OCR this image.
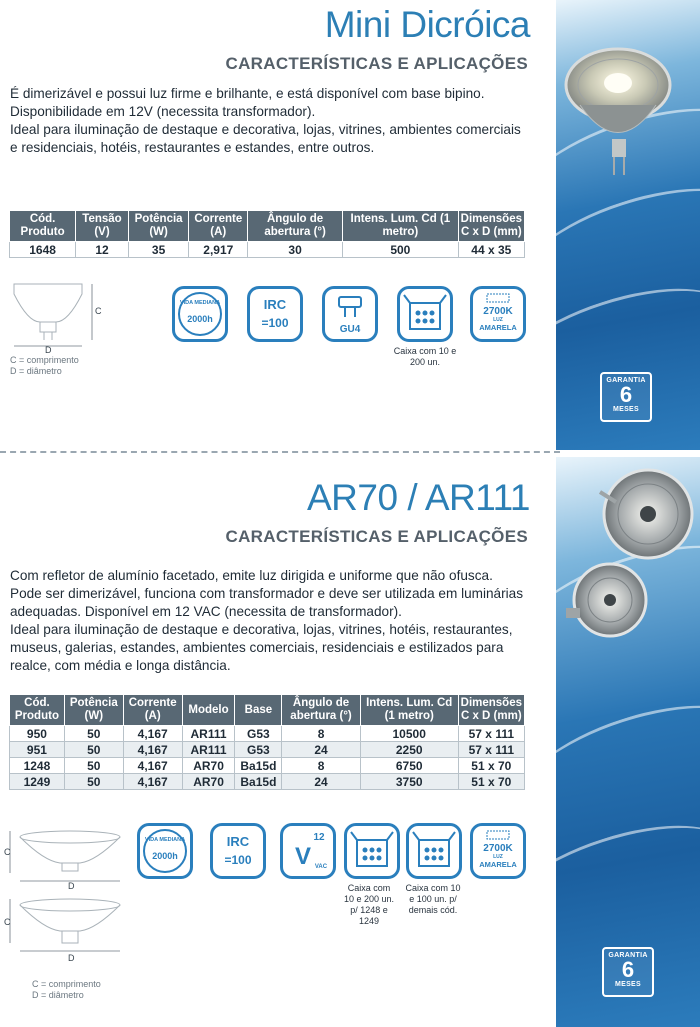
Mini Dicróica
CARACTERÍSTICAS E APLICAÇÕES

É dimerizável e possui luz firme e brilhante, e está disponível com base bipino.

Disponibilidade em 12V (necessita transformador).

Ideal para iluminação de destaque e decorativa, lojas, vitrines, ambientes comerciais e residenciais, hotéis, restaurantes e estandes, entre outros.

Cód. Produto	Tensão (V)	Potência (W)	Corrente (A)	Ângulo de abertura (°)	Intens. Lum. Cd (1 metro)	Dimensões C x D (mm)
1648	12	35	2,917	30	500	44 x 35
C
D
C = comprimento
D = diâmetro
VIDA MEDIANA
2000h
IRC
=100	GU4
2700K
LUZ
AMARELA
Caixa com 10 e 200 un.
GARANTIA
6
MESES
AR70 / AR111
CARACTERÍSTICAS E APLICAÇÕES

Com refletor de alumínio facetado, emite luz dirigida e uniforme que não ofusca.

Pode ser dimerizável, funciona com transformador e deve ser utilizada em luminárias adequadas. Disponível em 12 VAC (necessita de transformador).

Ideal para iluminação de destaque e decorativa, lojas, vitrines, hotéis, restaurantes, museus, galerias, estandes, ambientes comerciais, residenciais e estilizados para realce, com média e longa distância.

Cód. Produto	Potência (W)	Corrente (A)	Modelo	Base	Ângulo de abertura (°)	Intens. Lum. Cd (1 metro)	Dimensões C x D (mm)
950	50	4,167	AR111	G53	8	10500	57 x 111
951	50	4,167	AR111	G53	24	2250	57 x 111
1248	50	4,167	AR70	Ba15d	8	6750	51 x 70
1249	50	4,167	AR70	Ba15d	24	3750	51 x 70
C
D
C
D
C = comprimento
D = diâmetro
VIDA MEDIANA
2000h
IRC
=100
12
V VAC
2700K
LUZ
AMARELA
Caixa com 10 e 200 un. p/ 1248 e 1249
Caixa com 10 e 100 un. p/ demais cód.
GARANTIA
6
MESES
